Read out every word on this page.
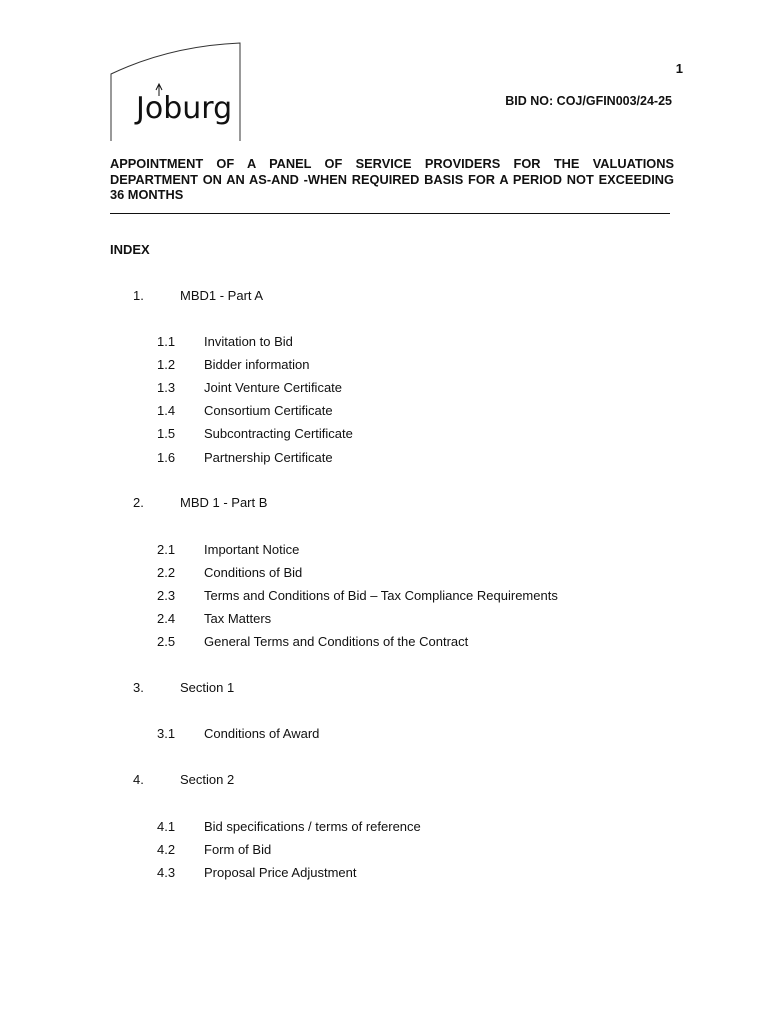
Joburg
1
BID NO: COJ/GFIN003/24-25
APPOINTMENT OF A PANEL OF SERVICE PROVIDERS FOR THE VALUATIONS DEPARTMENT ON AN AS-AND -WHEN REQUIRED BASIS FOR A PERIOD NOT EXCEEDING 36 MONTHS
INDEX
1.	MBD1 - Part A
1.1 Invitation to Bid
1.2 Bidder information
1.3 Joint Venture Certificate
1.4 Consortium Certificate
1.5 Subcontracting Certificate
1.6 Partnership Certificate
2.	MBD 1 - Part B
2.1 Important Notice
2.2 Conditions of Bid
2.3 Terms and Conditions of Bid – Tax Compliance Requirements
2.4 Tax Matters
2.5 General Terms and Conditions of the Contract
3.	Section 1
3.1 Conditions of Award
4.	Section 2
4.1 Bid specifications / terms of reference
4.2 Form of Bid
4.3 Proposal Price Adjustment
